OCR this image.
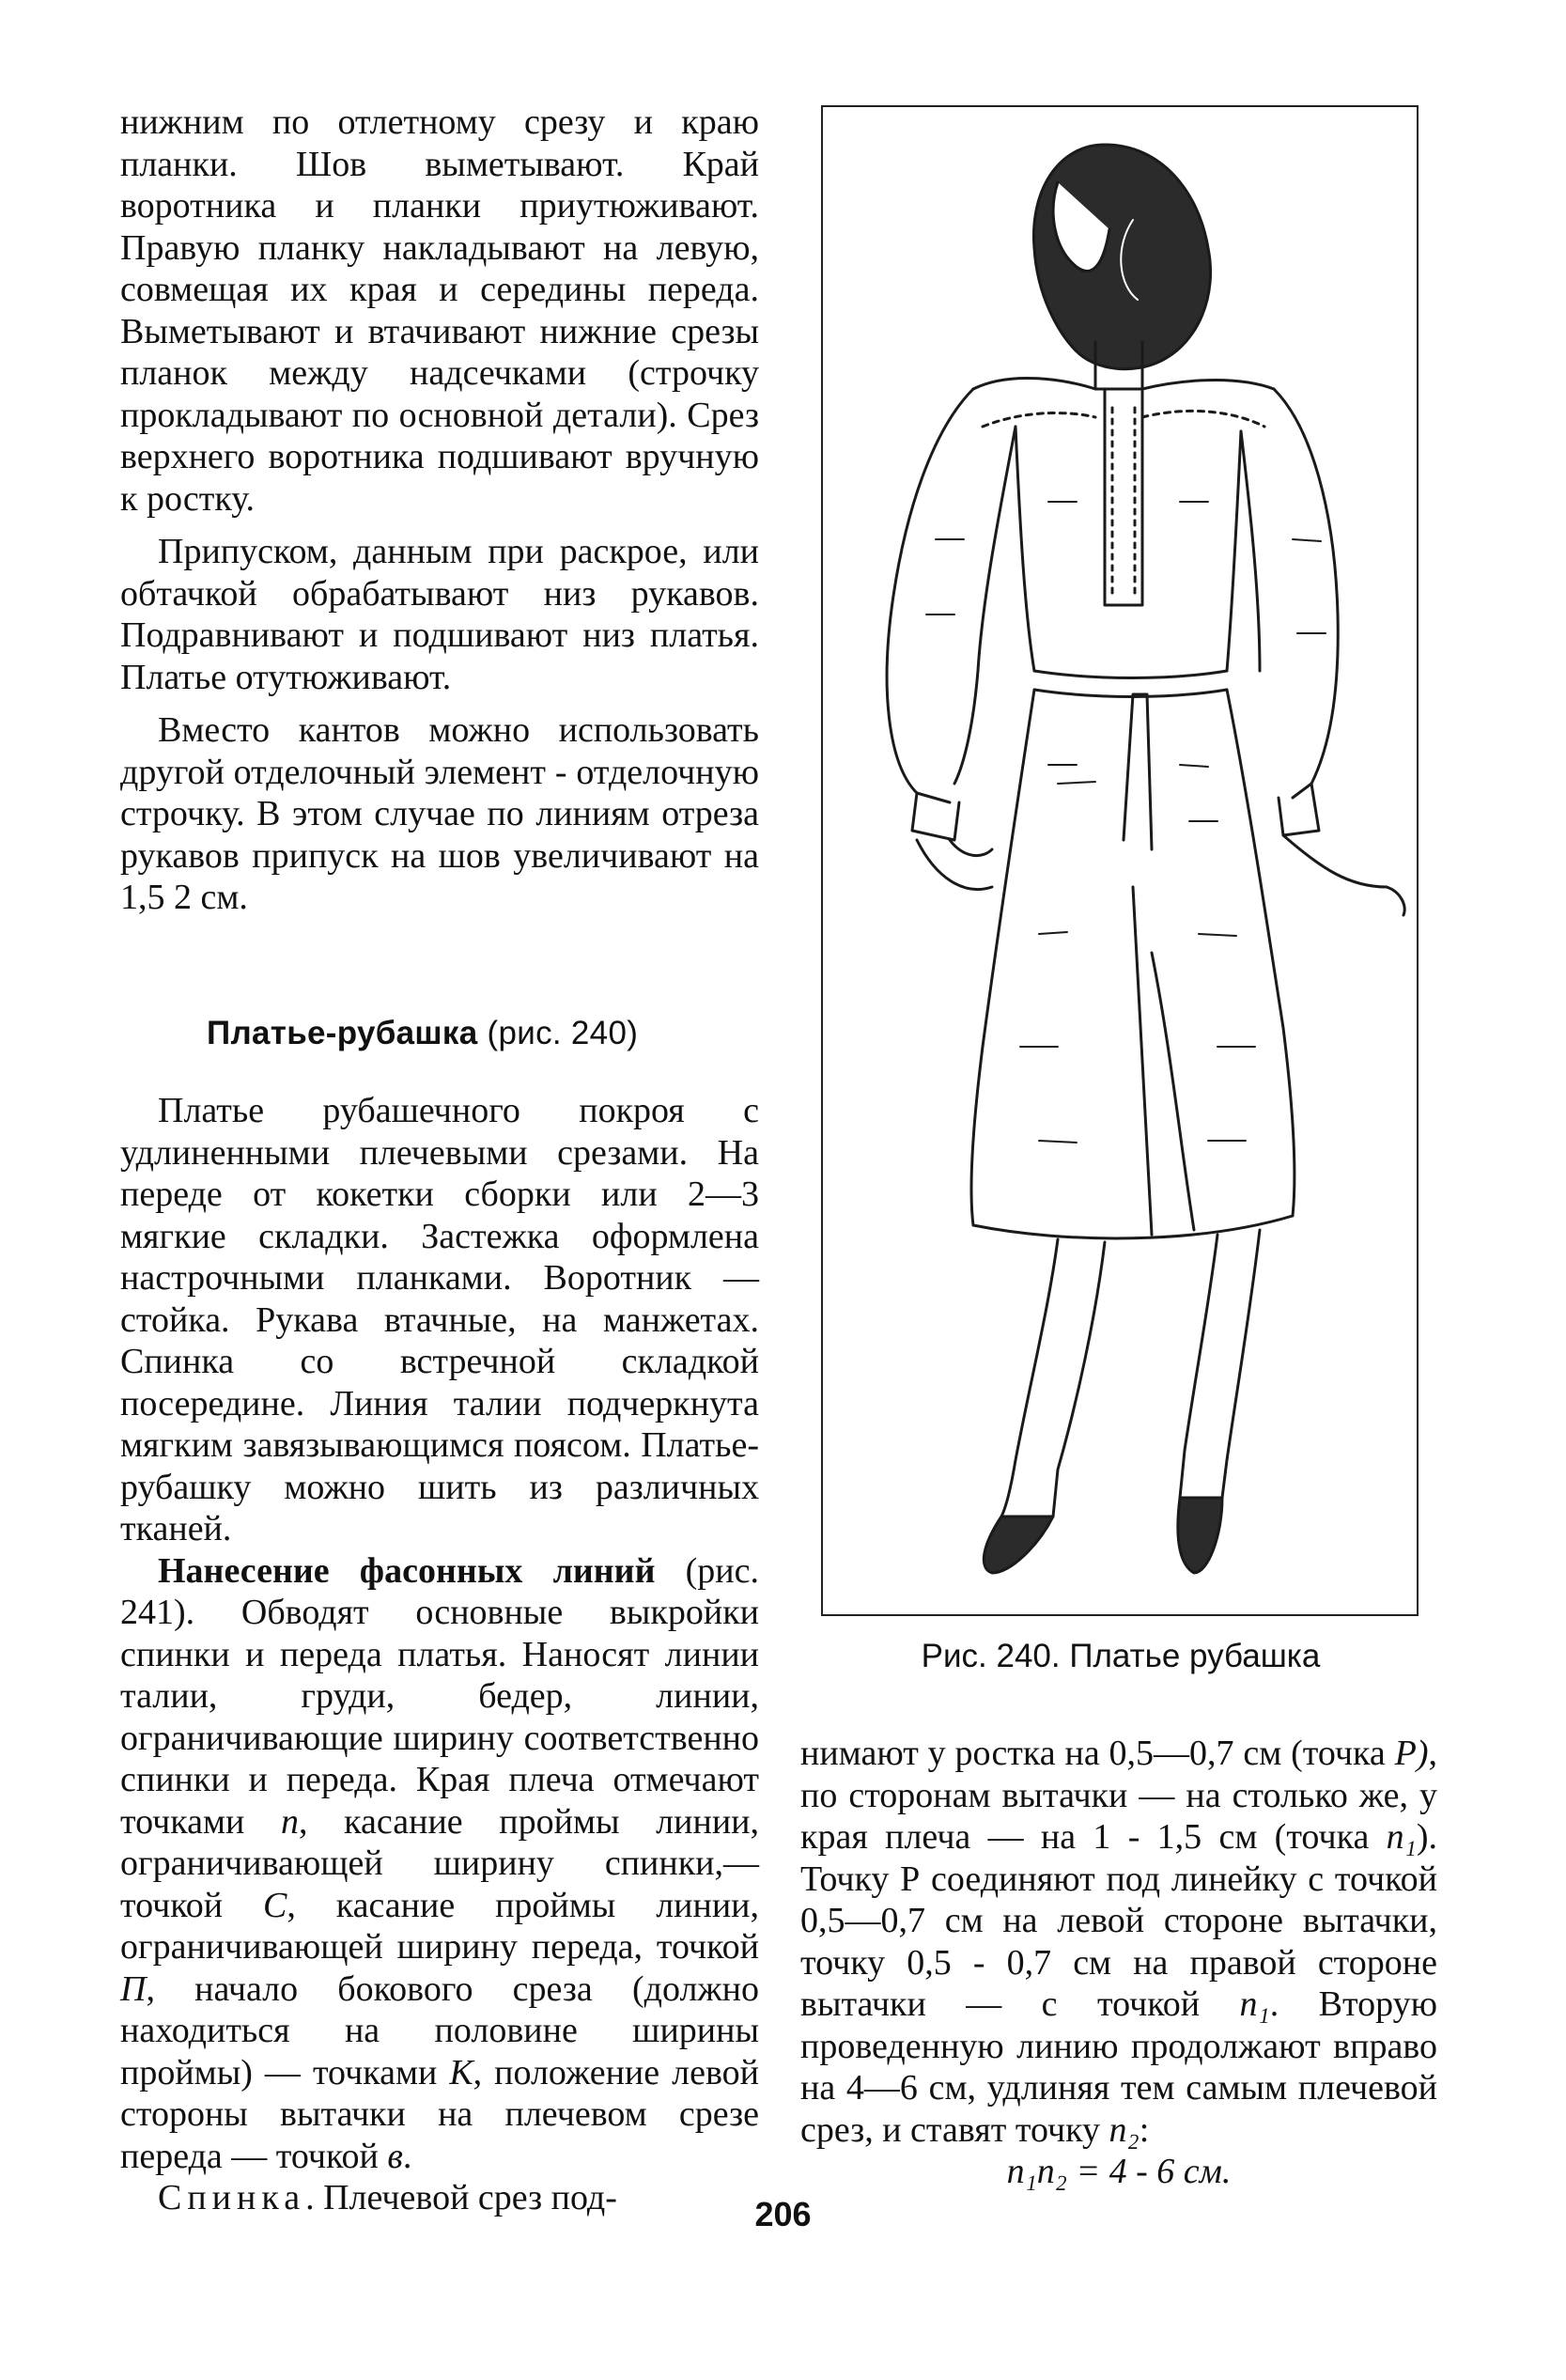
нижним по отлетному срезу и краю планки. Шов выметывают. Край воротника и планки приутюживают. Правую планку накладывают на левую, совмещая их края и середины переда. Выметывают и втачивают нижние срезы планок между надсечками (строчку прокладывают по основной детали). Срез верхнего воротника подшивают вручную к ростку.

Припуском, данным при раскрое, или обтачкой обрабатывают низ рукавов. Подравнивают и подшивают низ платья. Платье отутюживают.

Вместо кантов можно использовать другой отделочный элемент - отделочную строчку. В этом случае по линиям отреза рукавов припуск на шов увеличивают на 1,5 2 см.

Платье-рубашка (рис. 240)

Платье рубашечного покроя с удлиненными плечевыми срезами. На переде от кокетки сборки или 2—3 мягкие складки. Застежка оформлена настрочными планками. Воротник — стойка. Рукава втачные, на манжетах. Спинка со встречной складкой посередине. Линия талии подчеркнута мягким завязывающимся поясом. Платье-рубашку можно шить из различных тканей.

Нанесение фасонных линий (рис. 241). Обводят основные выкройки спинки и переда платья. Наносят линии талии, груди, бедер, линии, ограничивающие ширину соответственно спинки и переда. Края плеча отмечают точками п, касание проймы линии, ограничивающей ширину спинки,— точкой С, касание проймы линии, ограничивающей ширину переда, точкой П, начало бокового среза (должно находиться на половине ширины проймы) — точками К, положение левой стороны вытачки на плечевом срезе переда — точкой в.

Спинка. Плечевой срез под-

Рис. 240. Платье рубашка

нимают у ростка на 0,5—0,7 см (точка Р), по сторонам вытачки — на столько же, у края плеча — на 1 - 1,5 см (точка п₁). Точку Р соединяют под линейку с точкой 0,5—0,7 см на левой стороне вытачки, точку 0,5 - 0,7 см на правой стороне вытачки — с точкой п₁. Вторую проведенную линию продолжают вправо на 4—6 см, удлиняя тем самым плечевой срез, и ставят точку п₂:

п₁п₂ = 4 - 6 см.
206
